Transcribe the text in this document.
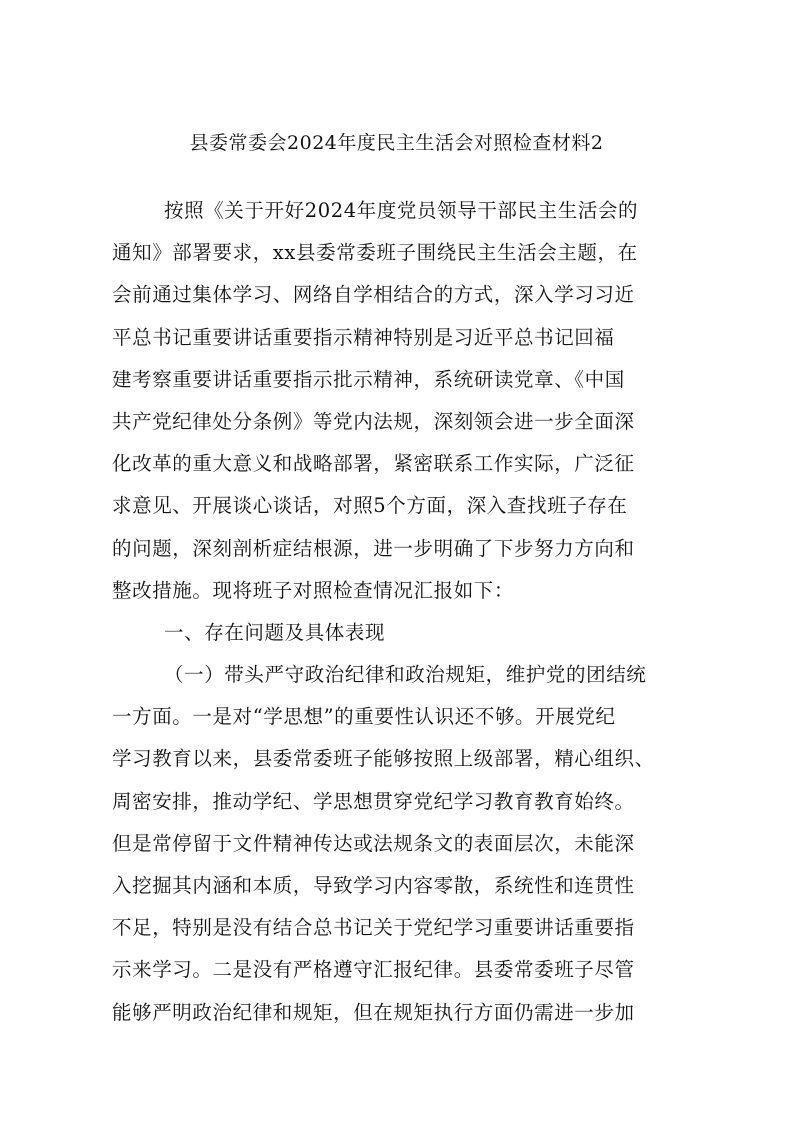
县委常委会2024年度民主生活会对照检查材料2
按照《关于开好2024年度党员领导干部民主生活会的
通知》部署要求，xx县委常委班子围绕民主生活会主题，在
会前通过集体学习、网络自学相结合的方式，深入学习习近
平总书记重要讲话重要指示精神特别是习近平总书记回福
建考察重要讲话重要指示批示精神，系统研读党章、《中国
共产党纪律处分条例》等党内法规，深刻领会进一步全面深
化改革的重大意义和战略部署，紧密联系工作实际，广泛征
求意见、开展谈心谈话，对照5个方面，深入查找班子存在
的问题，深刻剖析症结根源，进一步明确了下步努力方向和
整改措施。现将班子对照检查情况汇报如下：
一、存在问题及具体表现
（一）带头严守政治纪律和政治规矩，维护党的团结统
一方面。一是对“学思想”的重要性认识还不够。开展党纪
学习教育以来，县委常委班子能够按照上级部署，精心组织、
周密安排，推动学纪、学思想贯穿党纪学习教育教育始终。
但是常停留于文件精神传达或法规条文的表面层次，未能深
入挖掘其内涵和本质，导致学习内容零散，系统性和连贯性
不足，特别是没有结合总书记关于党纪学习重要讲话重要指
示来学习。二是没有严格遵守汇报纪律。县委常委班子尽管
能够严明政治纪律和规矩，但在规矩执行方面仍需进一步加
